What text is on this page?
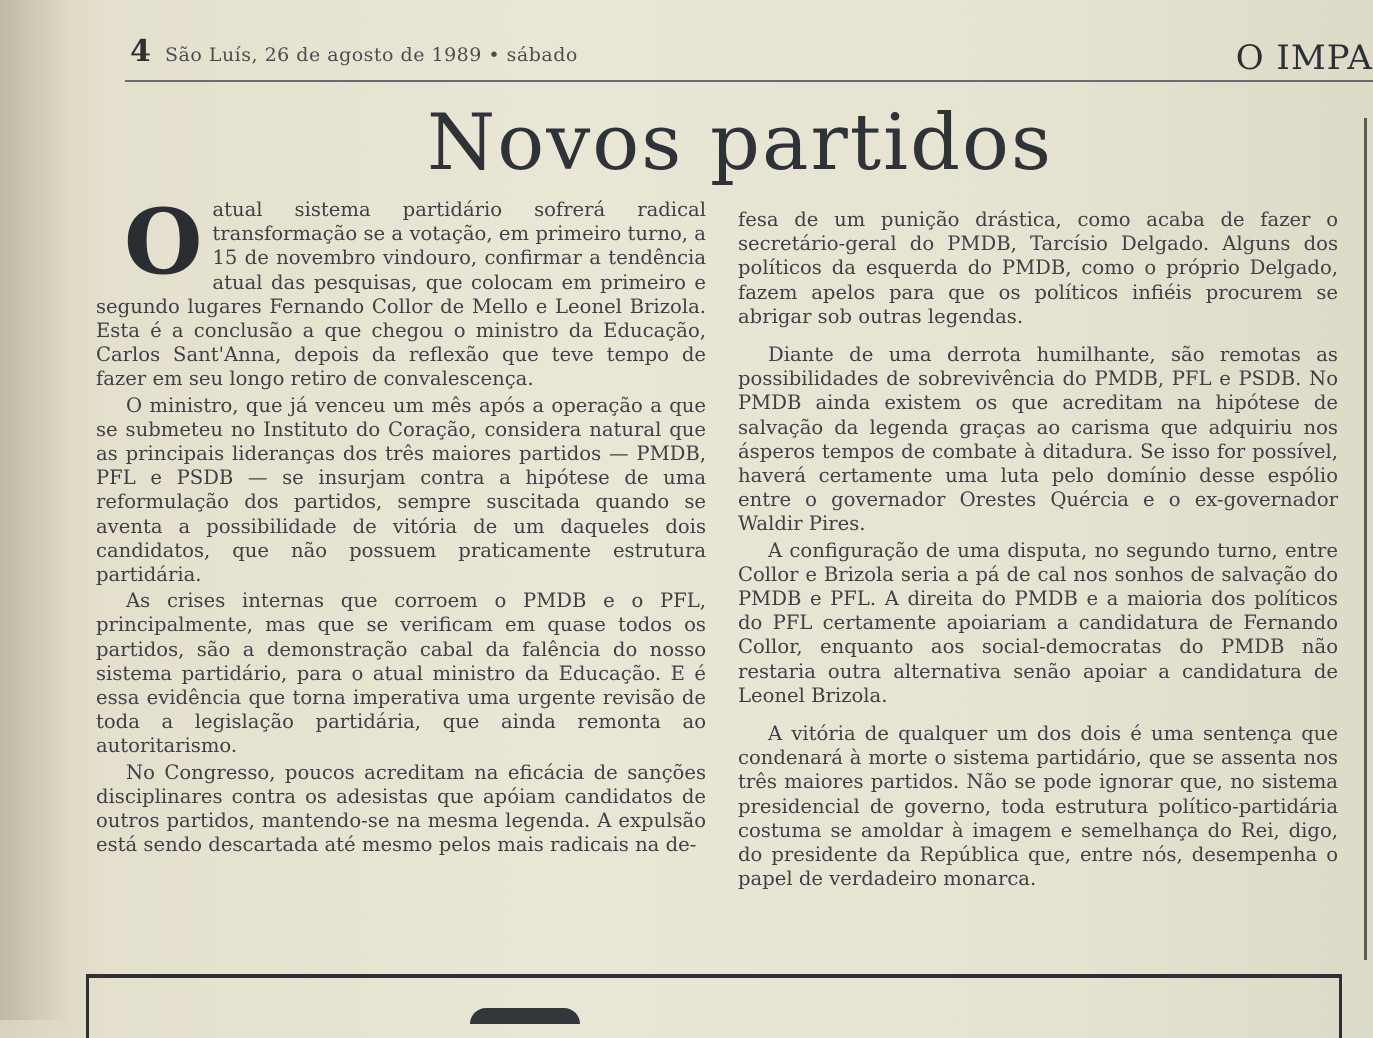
4 São Luís, 26 de agosto de 1989 • sábado	O IMPA
Novos partidos

Oatual sistema partidário sofrerá radical transformação se a votação, em primeiro turno, a 15 de novembro vindouro, confirmar a tendência atual das pesquisas, que colocam em primeiro e segundo lugares Fernando Collor de Mello e Leonel Brizola. Esta é a conclusão a que chegou o ministro da Educação, Carlos Sant'Anna, depois da reflexão que teve tempo de fazer em seu longo retiro de convalescença.

O ministro, que já venceu um mês após a operação a que se submeteu no Instituto do Coração, considera natural que as principais lideranças dos três maiores partidos — PMDB, PFL e PSDB — se insurjam contra a hipótese de uma reformulação dos partidos, sempre suscitada quando se aventa a possibilidade de vitória de um daqueles dois candidatos, que não possuem praticamente estrutura partidária.

As crises internas que corroem o PMDB e o PFL, principalmente, mas que se verificam em quase todos os partidos, são a demonstração cabal da falência do nosso sistema partidário, para o atual ministro da Educação. E é essa evidência que torna imperativa uma urgente revisão de toda a legislação partidária, que ainda remonta ao autoritarismo.

No Congresso, poucos acreditam na eficácia de sanções disciplinares contra os adesistas que apóiam candidatos de outros partidos, mantendo-se na mesma legenda. A expulsão está sendo descartada até mesmo pelos mais radicais na de-

fesa de um punição drástica, como acaba de fazer o secretário-geral do PMDB, Tarcísio Delgado. Alguns dos políticos da esquerda do PMDB, como o próprio Delgado, fazem apelos para que os políticos infiéis procurem se abrigar sob outras legendas.

Diante de uma derrota humilhante, são remotas as possibilidades de sobrevivência do PMDB, PFL e PSDB. No PMDB ainda existem os que acreditam na hipótese de salvação da legenda graças ao carisma que adquiriu nos ásperos tempos de combate à ditadura. Se isso for possível, haverá certamente uma luta pelo domínio desse espólio entre o governador Orestes Quércia e o ex-governador Waldir Pires.

A configuração de uma disputa, no segundo turno, entre Collor e Brizola seria a pá de cal nos sonhos de salvação do PMDB e PFL. A direita do PMDB e a maioria dos políticos do PFL certamente apoiariam a candidatura de Fernando Collor, enquanto aos social-democratas do PMDB não restaria outra alternativa senão apoiar a candidatura de Leonel Brizola.

A vitória de qualquer um dos dois é uma sentença que condenará à morte o sistema partidário, que se assenta nos três maiores partidos. Não se pode ignorar que, no sistema presidencial de governo, toda estrutura político-partidária costuma se amoldar à imagem e semelhança do Rei, digo, do presidente da República que, entre nós, desempenha o papel de verdadeiro monarca.
